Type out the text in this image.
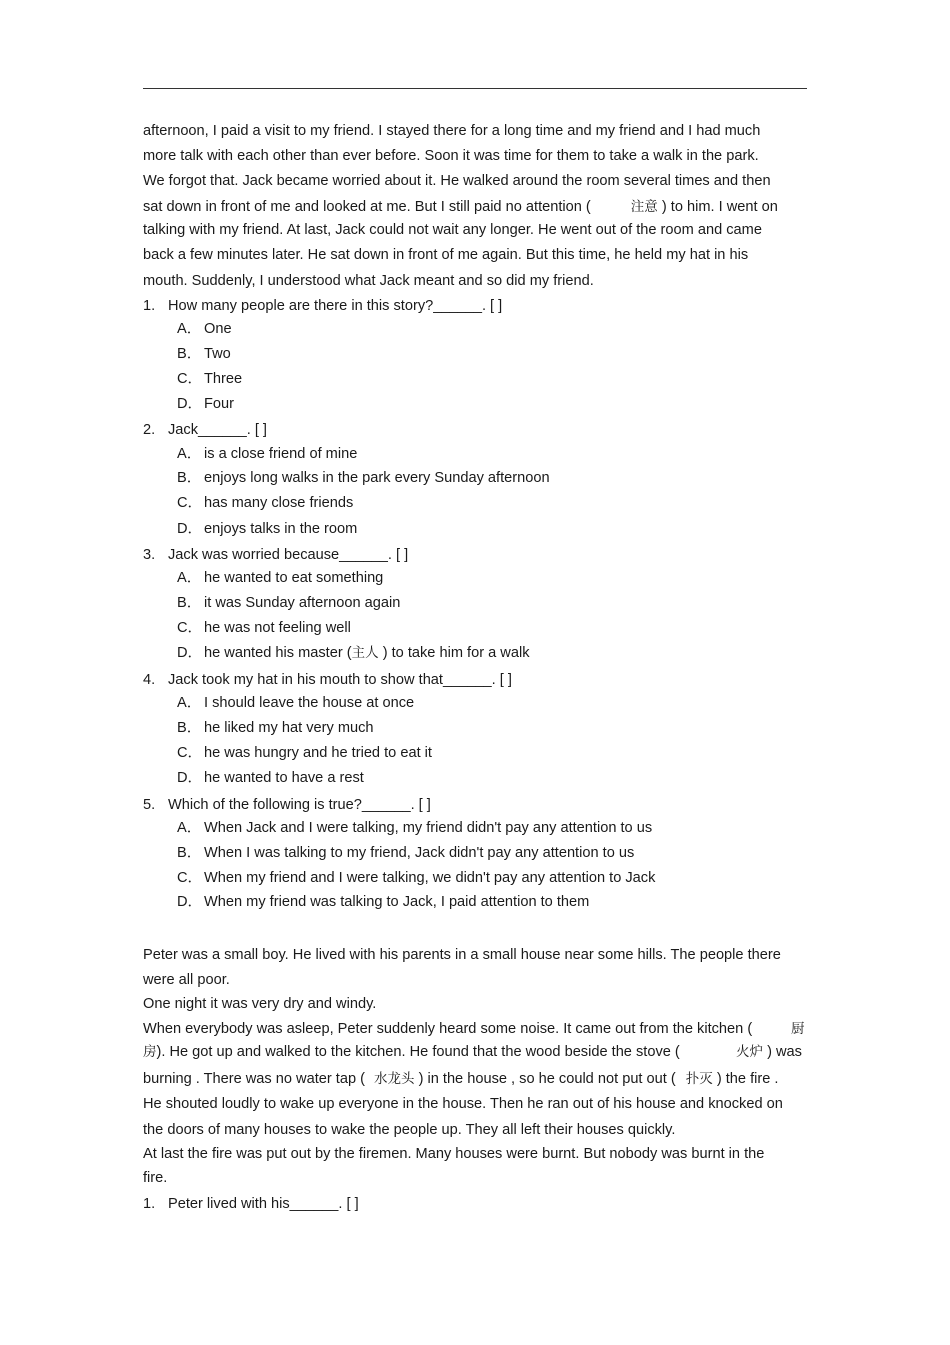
afternoon, I paid a visit to my friend. I stayed there for a long time and my friend and I had much
more talk with each other than ever before. Soon it was time for them to take a walk in the park.
We forgot that. Jack became worried about it. He walked around the room several times and then
sat down in front of me and looked at me. But I still paid no attention (	注意 ) to him. I went on
talking with my friend. At last, Jack could not wait any longer. He went out of the room and came
back a few minutes later. He sat down in front of me again. But this time, he held my hat in his
mouth. Suddenly, I understood what Jack meant and so did my friend.
1. How many people are there in this story?______. [ ]
A． One
B． Two
C． Three
D． Four
2. Jack______. [ ]
A． is a close friend of mine
B． enjoys long walks in the park every Sunday afternoon
C． has many close friends
D． enjoys talks in the room
3. Jack was worried because______. [ ]
A． he wanted to eat something
B． it was Sunday afternoon again
C． he was not feeling well
D． he wanted his master (主人 ) to take him for a walk
4. Jack took my hat in his mouth to show that______. [ ]
A． I should leave the house at once
B． he liked my hat very much
C． he was hungry and he tried to eat it
D． he wanted to have a rest
5. Which of the following is true?______. [ ]
A． When Jack and I were talking, my friend didn't pay any attention to us
B． When I was talking to my friend, Jack didn't pay any attention to us
C． When my friend and I were talking, we didn't pay any attention to Jack
D． When my friend was talking to Jack, I paid attention to them
Peter was a small boy. He lived with his parents in a small house near some hills. The people there
were all poor.
One night it was very dry and windy.
When everybody was asleep, Peter suddenly heard some noise. It came out from the kitchen (	厨
房). He got up and walked to the kitchen. He found that the wood beside the stove (	火炉 ) was
burning . There was no water tap ( 水龙头 ) in the house , so he could not put out ( 扑灭 ) the fire .
He shouted loudly to wake up everyone in the house. Then he ran out of his house and knocked on
the doors of many houses to wake the people up. They all left their houses quickly.
At last the fire was put out by the firemen. Many houses were burnt. But nobody was burnt in the
fire.
1. Peter lived with his______. [ ]
